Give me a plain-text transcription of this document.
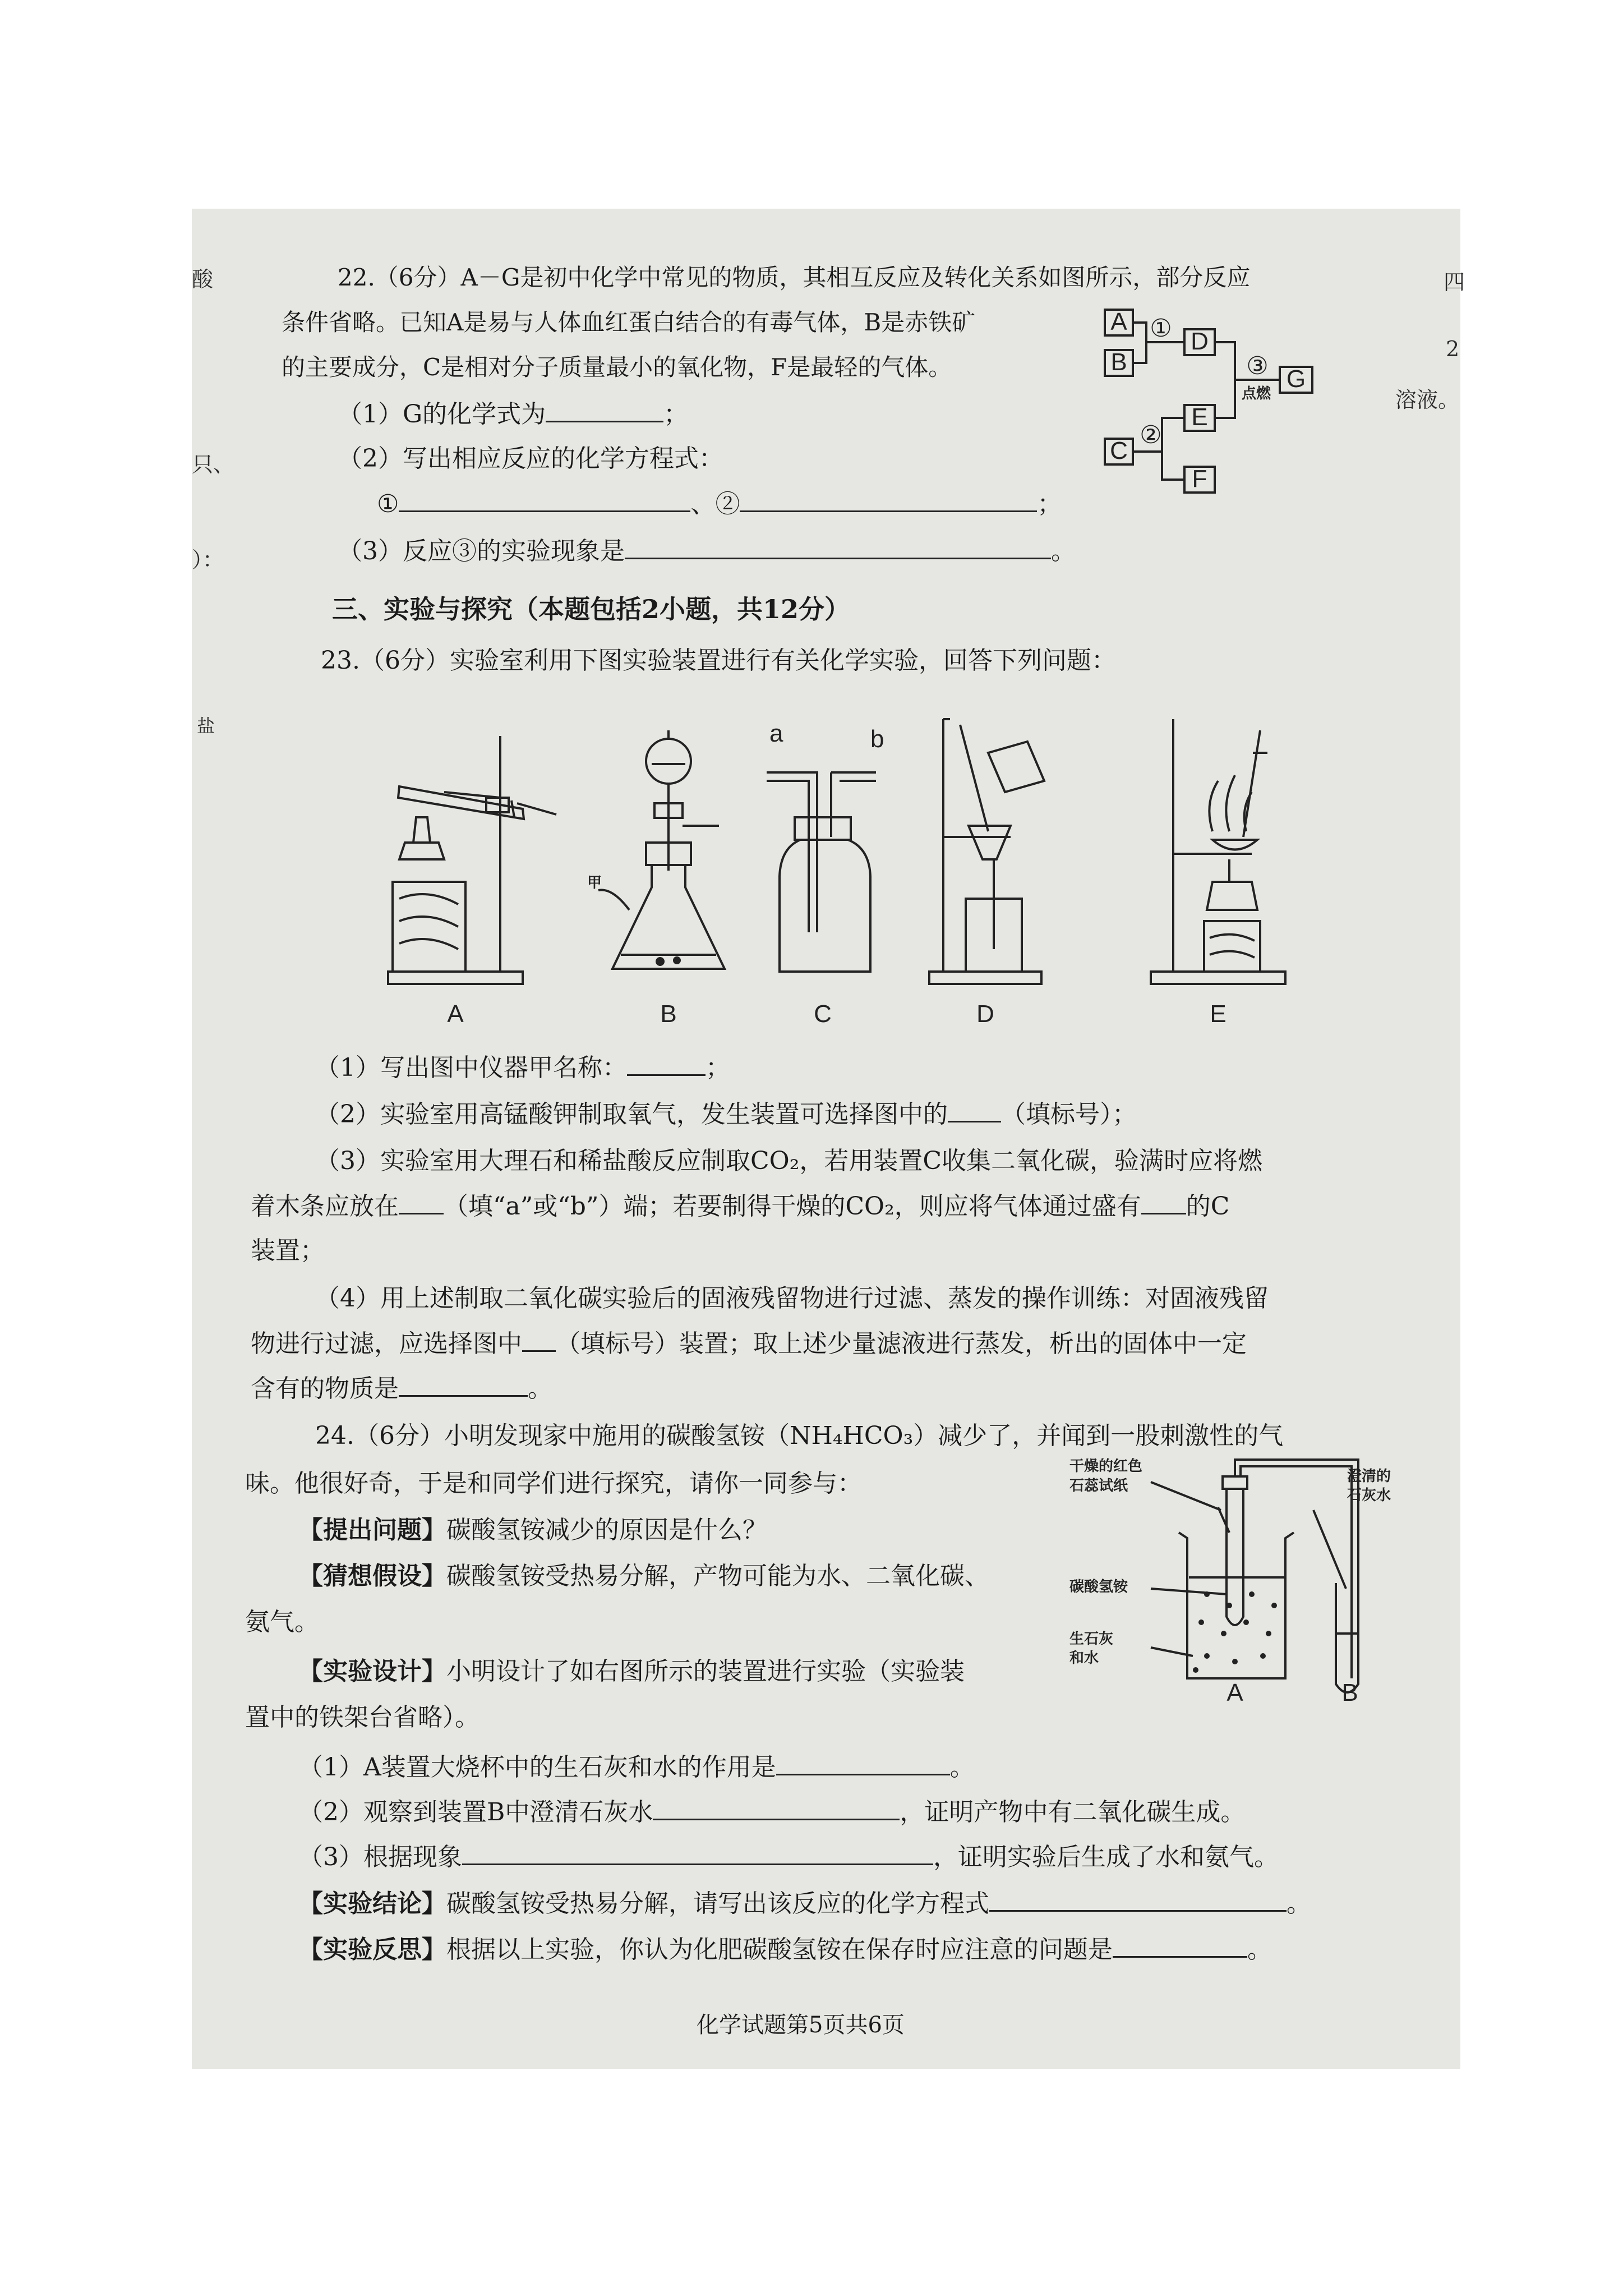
酸
只、
）：
盐
四
2
溶液。
22.（6分）A－G是初中化学中常见的物质，其相互反应及转化关系如图所示，部分反应
条件省略。已知A是易与人体血红蛋白结合的有毒气体，B是赤铁矿
的主要成分，C是相对分子质量最小的氧化物，F是最轻的气体。
（1）G的化学式为	；
（2）写出相应反应的化学方程式：
①	、②	；
（3）反应③的实验现象是	。
A
B
C
D
E
F
G
①
③
点燃
②
三、实验与探究（本题包括2小题，共12分）
23.（6分）实验室利用下图实验装置进行有关化学实验，回答下列问题：
A
甲
B
a	b
C	D	E
（1）写出图中仪器甲名称：	；
（2）实验室用高锰酸钾制取氧气，发生装置可选择图中的 （填标号）；
（3）实验室用大理石和稀盐酸反应制取CO₂，若用装置C收集二氧化碳，验满时应将燃
着木条应放在 （填“a”或“b”）端；若要制得干燥的CO₂，则应将气体通过盛有 的C
装置；
（4）用上述制取二氧化碳实验后的固液残留物进行过滤、蒸发的操作训练：对固液残留
物进行过滤，应选择图中 （填标号）装置；取上述少量滤液进行蒸发，析出的固体中一定
含有的物质是	。
24.（6分）小明发现家中施用的碳酸氢铵（NH₄HCO₃）减少了，并闻到一股刺激性的气
味。他很好奇，于是和同学们进行探究，请你一同参与：
【提出问题】碳酸氢铵减少的原因是什么？
【猜想假设】碳酸氢铵受热易分解，产物可能为水、二氧化碳、
氨气。
【实验设计】小明设计了如右图所示的装置进行实验（实验装
置中的铁架台省略）。
干燥的红色
石蕊试纸
澄清的
石灰水
碳酸氢铵
生石灰
和水
A	B
（1）A装置大烧杯中的生石灰和水的作用是	。
（2）观察到装置B中澄清石灰水	，证明产物中有二氧化碳生成。
（3）根据现象	，证明实验后生成了水和氨气。
【实验结论】碳酸氢铵受热易分解，请写出该反应的化学方程式	。
【实验反思】根据以上实验，你认为化肥碳酸氢铵在保存时应注意的问题是	。
化学试题第5页共6页
